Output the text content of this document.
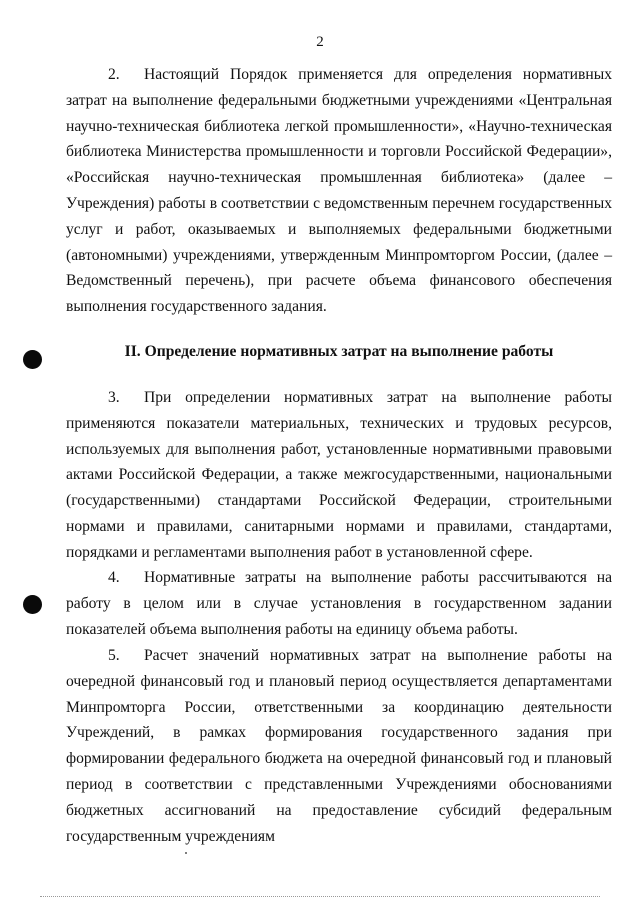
2
2. Настоящий Порядок применяется для определения нормативных затрат на выполнение федеральными бюджетными учреждениями «Центральная научно-техническая библиотека легкой промышленности», «Научно-техническая библиотека Министерства промышленности и торговли Российской Федерации», «Российская научно-техническая промышленная библиотека» (далее – Учреждения) работы в соответствии с ведомственным перечнем государственных услуг и работ, оказываемых и выполняемых федеральными бюджетными (автономными) учреждениями, утвержденным Минпромторгом России, (далее – Ведомственный перечень), при расчете объема финансового обеспечения выполнения государственного задания.
II. Определение нормативных затрат на выполнение работы
3. При определении нормативных затрат на выполнение работы применяются показатели материальных, технических и трудовых ресурсов, используемых для выполнения работ, установленные нормативными правовыми актами Российской Федерации, а также межгосударственными, национальными (государственными) стандартами Российской Федерации, строительными нормами и правилами, санитарными нормами и правилами, стандартами, порядками и регламентами выполнения работ в установленной сфере.
4. Нормативные затраты на выполнение работы рассчитываются на работу в целом или в случае установления в государственном задании показателей объема выполнения работы на единицу объема работы.
5. Расчет значений нормативных затрат на выполнение работы на очередной финансовый год и плановый период осуществляется департаментами Минпромторга России, ответственными за координацию деятельности Учреждений, в рамках формирования государственного задания при формировании федерального бюджета на очередной финансовый год и плановый период в соответствии с представленными Учреждениями обоснованиями бюджетных ассигнований на предоставление субсидий федеральным государственным учреждениям
